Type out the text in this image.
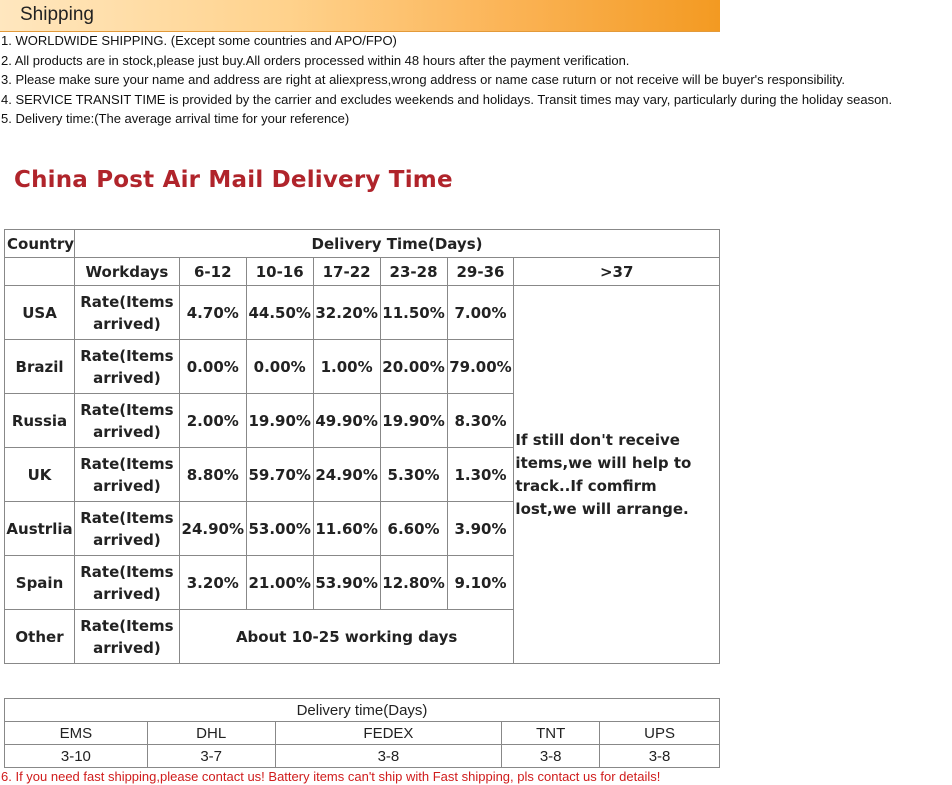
Shipping

1. WORLDWIDE SHIPPING. (Except some countries and APO/FPO)

2. All products are in stock,please just buy.All orders processed within 48 hours after the payment verification.

3. Please make sure your name and address are right at aliexpress,wrong address or name case ruturn or not receive will be buyer's responsibility.

4. SERVICE TRANSIT TIME is provided by the carrier and excludes weekends and holidays. Transit times may vary, particularly during the holiday season.

5. Delivery time:(The average arrival time for your reference)

China Post Air Mail Delivery Time
Country	Delivery Time(Days)						
	Workdays	6-12	10-16	17-22	23-28	29-36	>37
USA	Rate(Items arrived)	4.70%	44.50%	32.20%	11.50%	7.00%	If still don't receive items,we will help to track..If comfirm lost,we will arrange.
Brazil	Rate(Items arrived)	0.00%	0.00%	1.00%	20.00%	79.00%	
Russia	Rate(Items arrived)	2.00%	19.90%	49.90%	19.90%	8.30%	
UK	Rate(Items arrived)	8.80%	59.70%	24.90%	5.30%	1.30%	
Austrlia	Rate(Items arrived)	24.90%	53.00%	11.60%	6.60%	3.90%	
Spain	Rate(Items arrived)	3.20%	21.00%	53.90%	12.80%	9.10%	
Other	Rate(Items arrived)	About 10-25 working days					
Delivery time(Days)				
EMS	DHL	FEDEX	TNT	UPS
3-10	3-7	3-8	3-8	3-8
6. If you need fast shipping,please contact us! Battery items can't ship with Fast shipping, pls contact us for details!
